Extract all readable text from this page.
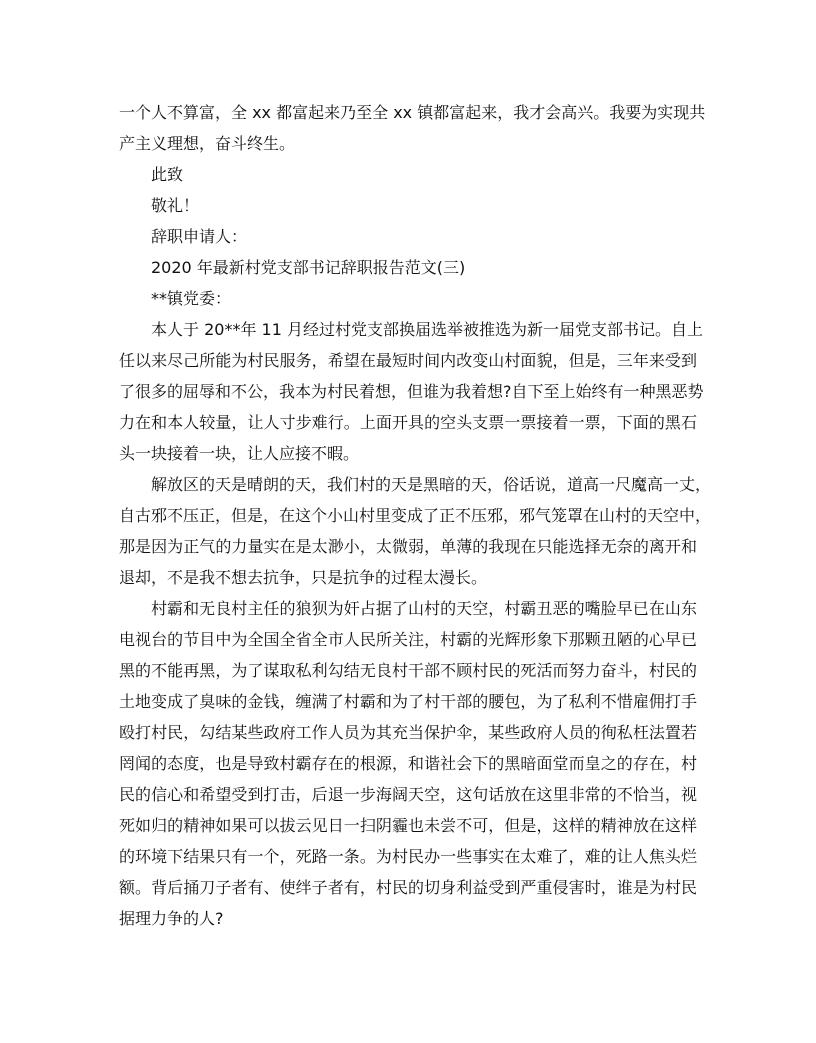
一个人不算富，全 xx 都富起来乃至全 xx 镇都富起来，我才会高兴。我要为实现共
产主义理想，奋斗终生。
此致
敬礼！
辞职申请人：
2020 年最新村党支部书记辞职报告范文(三)
**镇党委：
本人于 20**年 11 月经过村党支部换届选举被推选为新一届党支部书记。自上
任以来尽己所能为村民服务，希望在最短时间内改变山村面貌，但是，三年来受到
了很多的屈辱和不公，我本为村民着想，但谁为我着想?自下至上始终有一种黑恶势
力在和本人较量，让人寸步难行。上面开具的空头支票一票接着一票，下面的黑石
头一块接着一块，让人应接不暇。
解放区的天是晴朗的天，我们村的天是黑暗的天，俗话说，道高一尺魔高一丈，
自古邪不压正，但是，在这个小山村里变成了正不压邪，邪气笼罩在山村的天空中，
那是因为正气的力量实在是太渺小，太微弱，单薄的我现在只能选择无奈的离开和
退却，不是我不想去抗争，只是抗争的过程太漫长。
村霸和无良村主任的狼狈为奸占据了山村的天空，村霸丑恶的嘴脸早已在山东
电视台的节目中为全国全省全市人民所关注，村霸的光辉形象下那颗丑陋的心早已
黑的不能再黑，为了谋取私利勾结无良村干部不顾村民的死活而努力奋斗，村民的
土地变成了臭味的金钱，缠满了村霸和为了村干部的腰包，为了私利不惜雇佣打手
殴打村民，勾结某些政府工作人员为其充当保护伞，某些政府人员的徇私枉法置若
罔闻的态度，也是导致村霸存在的根源，和谐社会下的黑暗面堂而皇之的存在，村
民的信心和希望受到打击，后退一步海阔天空，这句话放在这里非常的不恰当，视
死如归的精神如果可以拔云见日一扫阴霾也未尝不可，但是，这样的精神放在这样
的环境下结果只有一个，死路一条。为村民办一些事实在太难了，难的让人焦头烂
额。背后捅刀子者有、使绊子者有，村民的切身利益受到严重侵害时，谁是为村民
据理力争的人?
